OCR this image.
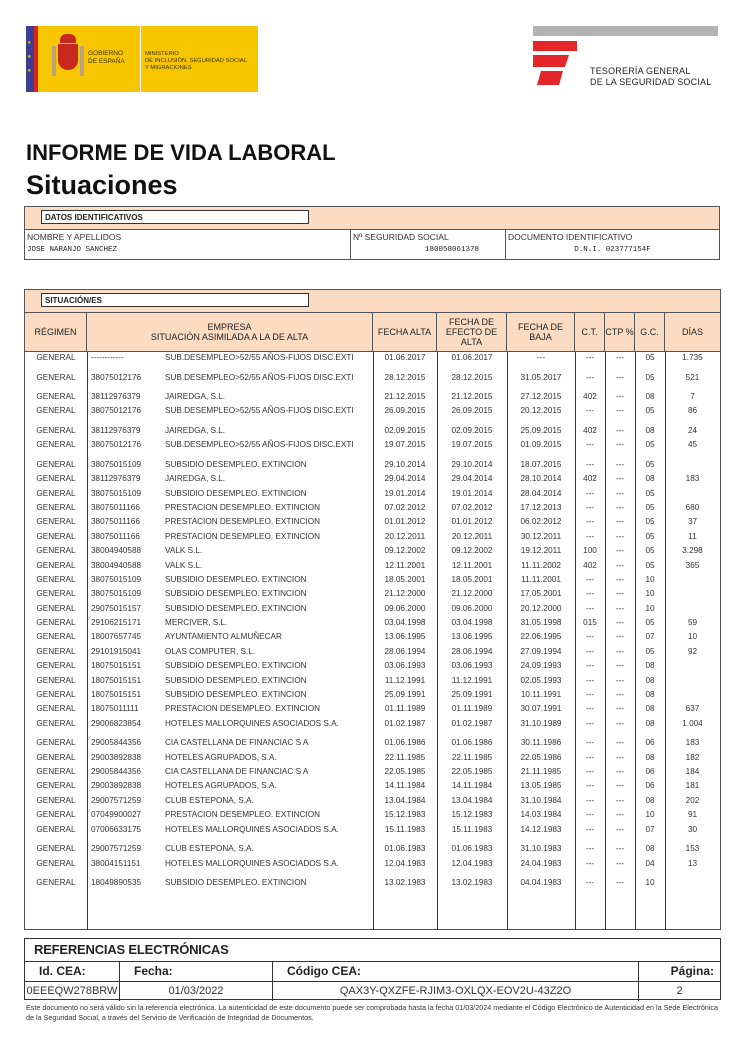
★
★
★
GOBIERNO
DE ESPAÑA
MINISTERIO
DE INCLUSIÓN, SEGURIDAD SOCIAL
Y MIGRACIONES	TESORERÍA GENERAL
DE LA SEGURIDAD SOCIAL
INFORME DE VIDA LABORAL
Situaciones
DATOS IDENTIFICATIVOS
NOMBRE Y APELLIDOS
JOSE NARANJO SANCHEZ
Nº SEGURIDAD SOCIAL
180058061378
DOCUMENTO IDENTIFICATIVO
D.N.I. 023777154F
SITUACIÓN/ES
RÉGIMEN	EMPRESA
SITUACIÓN ASIMILADA A LA DE ALTA	FECHA ALTA
FECHA DE EFECTO DE ALTA
FECHA DE BAJA	C.T. CTP % G.C.	DÍAS
GENERAL	------------	SUB.DESEMPLEO>52/55 AÑOS-FIJOS DISC.EXTI	01.06.2017	01.06.2017	---	---	---	05	1.735
GENERAL	38075012176	SUB.DESEMPLEO>52/55 AÑOS-FIJOS DISC.EXTI	28.12.2015	28.12.2015	31.05.2017	---	---	05	521
GENERAL	38112976379	JAIREDGA, S.L.	21.12.2015	21.12.2015	27.12.2015	402	---	08	7
GENERAL	38075012176	SUB.DESEMPLEO>52/55 AÑOS-FIJOS DISC.EXTI	26.09.2015	26.09.2015	20.12.2015	---	---	05	86
GENERAL	38112976379	JAIREDGA, S.L.	02.09.2015	02.09.2015	25.09.2015	402	---	08	24
GENERAL	38075012176	SUB.DESEMPLEO>52/55 AÑOS-FIJOS DISC.EXTI	19.07.2015	19.07.2015	01.09.2015	---	---	05	45
GENERAL	38075015109	SUBSIDIO DESEMPLEO. EXTINCION	29.10.2014	29.10.2014	18.07.2015	---	---	05
GENERAL	38112976379	JAIREDGA, S.L.	29.04.2014	29.04.2014	28.10.2014	402	---	08	183
GENERAL	38075015109	SUBSIDIO DESEMPLEO. EXTINCION	19.01.2014	19.01.2014	28.04.2014	---	---	05
GENERAL	38075011166	PRESTACION DESEMPLEO. EXTINCION	07.02.2012	07.02.2012	17.12.2013	---	---	05	680
GENERAL	38075011166	PRESTACION DESEMPLEO. EXTINCION	01.01.2012	01.01.2012	06.02.2012	---	---	05	37
GENERAL	38075011166	PRESTACION DESEMPLEO. EXTINCION	20.12.2011	20.12.2011	30.12.2011	---	---	05	11
GENERAL	38004940588	VALK S.L.	09.12.2002	09.12.2002	19.12.2011	100	---	05	3.298
GENERAL	38004940588	VALK S.L.	12.11.2001	12.11.2001	11.11.2002	402	---	05	365
GENERAL	38075015109	SUBSIDIO DESEMPLEO. EXTINCION	18.05.2001	18.05.2001	11.11.2001	---	---	10
GENERAL	38075015109	SUBSIDIO DESEMPLEO. EXTINCION	21.12.2000	21.12.2000	17.05.2001	---	---	10
GENERAL	29075015157	SUBSIDIO DESEMPLEO. EXTINCION	09.06.2000	09.06.2000	20.12.2000	---	---	10
GENERAL	29106215171	MERCIVER, S.L.	03.04.1998	03.04.1998	31.05.1998	015	---	05	59
GENERAL	18007657745	AYUNTAMIENTO ALMUÑECAR	13.06.1995	13.06.1995	22.06.1995	---	---	07	10
GENERAL	29101915041	OLAS COMPUTER, S.L.	28.06.1994	28.06.1994	27.09.1994	---	---	05	92
GENERAL	18075015151	SUBSIDIO DESEMPLEO. EXTINCION	03.06.1993	03.06.1993	24.09.1993	---	---	08
GENERAL	18075015151	SUBSIDIO DESEMPLEO. EXTINCION	11.12.1991	11.12.1991	02.05.1993	---	---	08
GENERAL	18075015151	SUBSIDIO DESEMPLEO. EXTINCION	25.09.1991	25.09.1991	10.11.1991	---	---	08
GENERAL	18075011111	PRESTACION DESEMPLEO. EXTINCION	01.11.1989	01.11.1989	30.07.1991	---	---	08	637
GENERAL	29006823854	HOTELES MALLORQUINES ASOCIADOS S.A.	01.02.1987	01.02.1987	31.10.1989	---	---	08	1.004
GENERAL	29005844356	CIA CASTELLANA DE FINANCIAC S A	01.06.1986	01.06.1986	30.11.1986	---	---	06	183
GENERAL	29003892838	HOTELES AGRUPADOS, S.A.	22.11.1985	22.11.1985	22.05.1986	---	---	08	182
GENERAL	29005844356	CIA CASTELLANA DE FINANCIAC S A	22.05.1985	22.05.1985	21.11.1985	---	---	06	184
GENERAL	29003892838	HOTELES AGRUPADOS, S.A.	14.11.1984	14.11.1984	13.05.1985	---	---	06	181
GENERAL	29007571259	CLUB ESTEPONA, S.A.	13.04.1984	13.04.1984	31.10.1984	---	---	08	202
GENERAL	07049900027	PRESTACION DESEMPLEO. EXTINCION	15.12.1983	15.12.1983	14.03.1984	---	---	10	91
GENERAL	07006633175	HOTELES MALLORQUINES ASOCIADOS S.A.	15.11.1983	15.11.1983	14.12.1983	---	---	07	30
GENERAL	29007571259	CLUB ESTEPONA, S.A.	01.06.1983	01.06.1983	31.10.1983	---	---	08	153
GENERAL	38004151151	HOTELES MALLORQUINES ASOCIADOS S.A.	12.04.1983	12.04.1983	24.04.1983	---	---	04	13
GENERAL	18049890535	SUBSIDIO DESEMPLEO. EXTINCION	13.02.1983	13.02.1983	04.04.1983	---	---	10
REFERENCIAS ELECTRÓNICAS
Id. CEA:	Fecha:	Código CEA:	Página:
0EEEQW278BRW	01/03/2022	QAX3Y-QXZFE-RJIM3-OXLQX-EOV2U-43Z2O	2
Este documento no será válido sin la referencia electrónica. La autenticidad de este documento puede ser comprobada hasta la fecha 01/03/2024 mediante el Código Electrónico de Autenticidad en la Sede Electrónica de la Seguridad Social, a través del Servicio de Verificación de Integridad de Documentos.
